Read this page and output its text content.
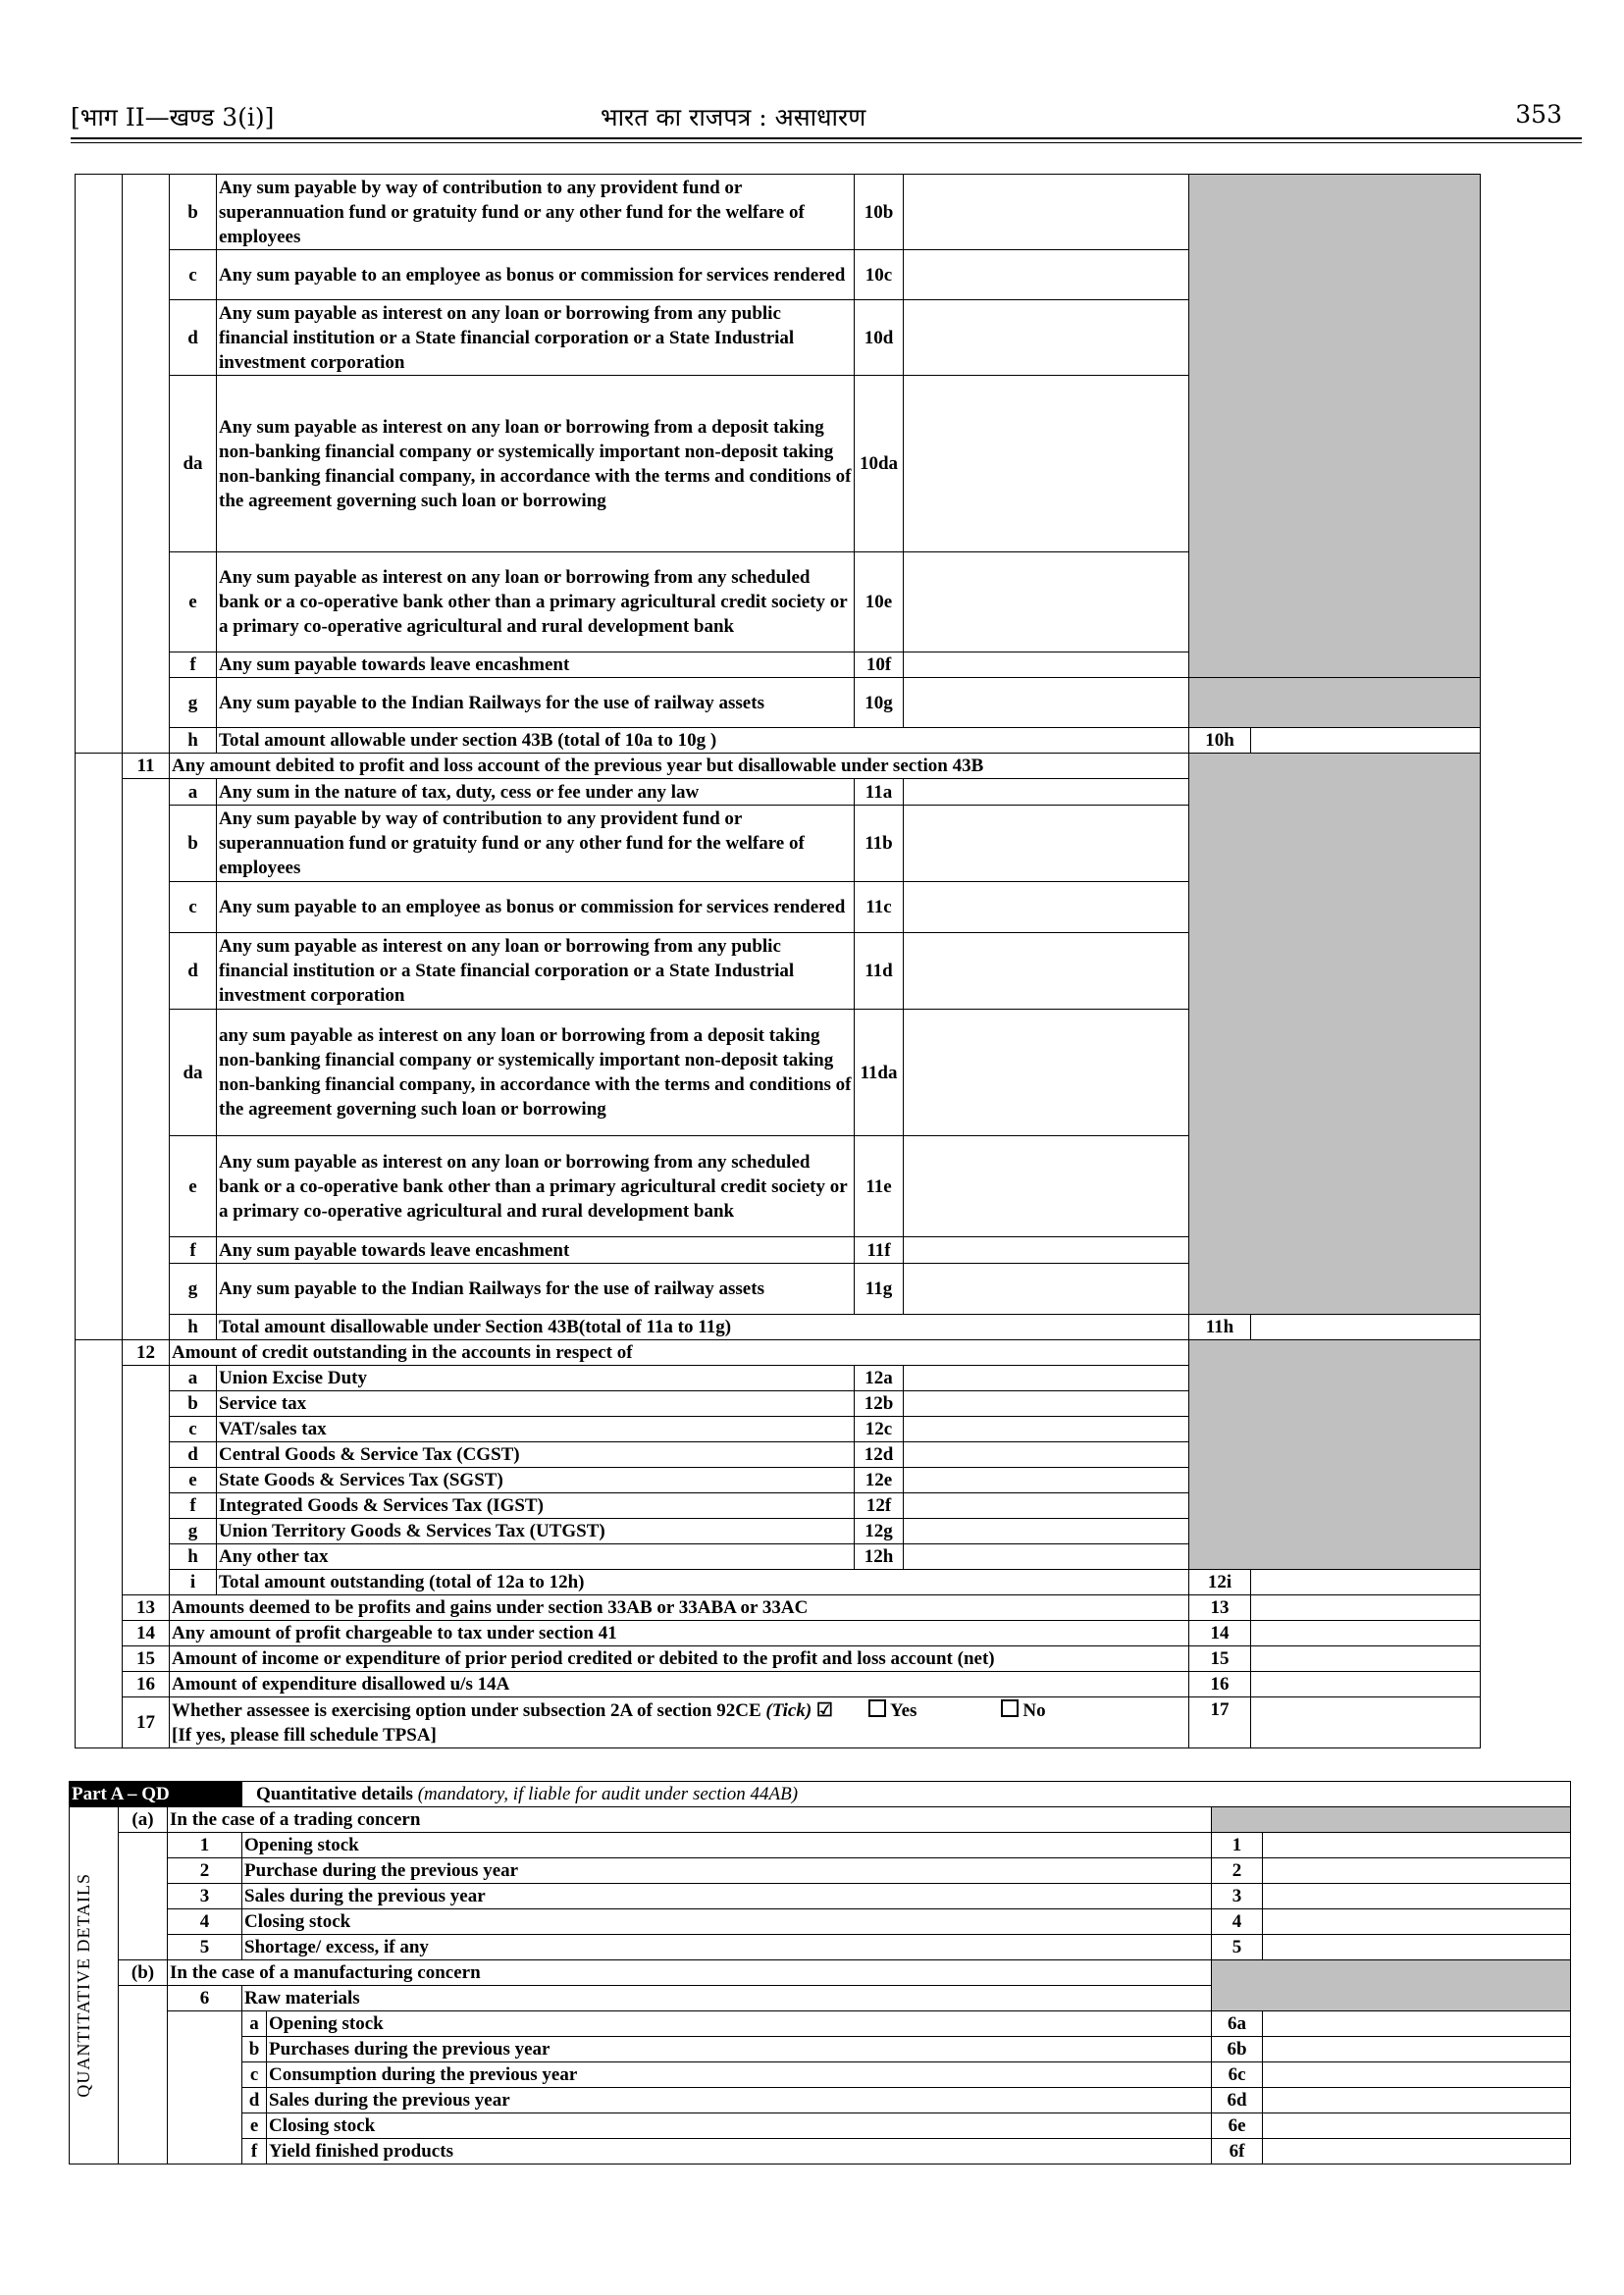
[भाग II—खण्ड 3(i)]	भारत का राजपत्र : असाधारण	353
		b	Any sum payable by way of contribution to any provident fund or superannuation fund or gratuity fund or any other fund for the welfare of employees	10b			
		c	Any sum payable to an employee as bonus or commission for services rendered	10c			
		d	Any sum payable as interest on any loan or borrowing from any public financial institution or a State financial corporation or a State Industrial investment corporation	10d			
		da	Any sum payable as interest on any loan or borrowing from a deposit taking non-banking financial company or systemically important non-deposit taking non-banking financial company, in accordance with the terms and conditions of the agreement governing such loan or borrowing	10da			
		e	Any sum payable as interest on any loan or borrowing from any scheduled bank or a co-operative bank other than a primary agricultural credit society or a primary co-operative agricultural and rural development bank	10e			
		f	Any sum payable towards leave encashment	10f			
		g	Any sum payable to the Indian Railways for the use of railway assets	10g			
		h	Total amount allowable under section 43B (total of 10a to 10g )			10h	
	11	Any amount debited to profit and loss account of the previous year but disallowable under section 43B					
		a	Any sum in the nature of tax, duty, cess or fee under any law	11a			
		b	Any sum payable by way of contribution to any provident fund or superannuation fund or gratuity fund or any other fund for the welfare of employees	11b			
		c	Any sum payable to an employee as bonus or commission for services rendered	11c			
		d	Any sum payable as interest on any loan or borrowing from any public financial institution or a State financial corporation or a State Industrial investment corporation	11d			
		da	any sum payable as interest on any loan or borrowing from a deposit taking non-banking financial company or systemically important non-deposit taking non-banking financial company, in accordance with the terms and conditions of the agreement governing such loan or borrowing	11da			
		e	Any sum payable as interest on any loan or borrowing from any scheduled bank or a co-operative bank other than a primary agricultural credit society or a primary co-operative agricultural and rural development bank	11e			
		f	Any sum payable towards leave encashment	11f			
		g	Any sum payable to the Indian Railways for the use of railway assets	11g			
		h	Total amount disallowable under Section 43B(total of 11a to 11g)			11h	
	12	Amount of credit outstanding in the accounts in respect of					
		a	Union Excise Duty	12a			
		b	Service tax	12b			
		c	VAT/sales tax	12c			
		d	Central Goods & Service Tax (CGST)	12d			
		e	State Goods & Services Tax (SGST)	12e			
		f	Integrated Goods & Services Tax (IGST)	12f			
		g	Union Territory Goods & Services Tax (UTGST)	12g			
		h	Any other tax	12h			
		i	Total amount outstanding (total of 12a to 12h)			12i	
	13	Amounts deemed to be profits and gains under section 33AB or 33ABA or 33AC				13	
	14	Any amount of profit chargeable to tax under section 41				14	
	15	Amount of income or expenditure of prior period credited or debited to the profit and loss account (net)				15	
	16	Amount of expenditure disallowed u/s 14A				16	
	17	Whether assessee is exercising option under subsection 2A of section 92CE (Tick) ☑ Yes No
[If yes, please fill schedule TPSA]				17	
Part A – QD			Quantitative details (mandatory, if liable for audit under section 44AB)			

QUANTITATIVE DETAILS	(a)	In the case of a trading concern				
		1	Opening stock		1	
		2	Purchase during the previous year		2	
		3	Sales during the previous year		3	
		4	Closing stock		4	
		5	Shortage/ excess, if any		5	
	(b)	In the case of a manufacturing concern				
		6	Raw materials			
			a	Opening stock	6a	
			b	Purchases during the previous year	6b	
			c	Consumption during the previous year	6c	
			d	Sales during the previous year	6d	
			e	Closing stock	6e	
			f	Yield finished products	6f	
